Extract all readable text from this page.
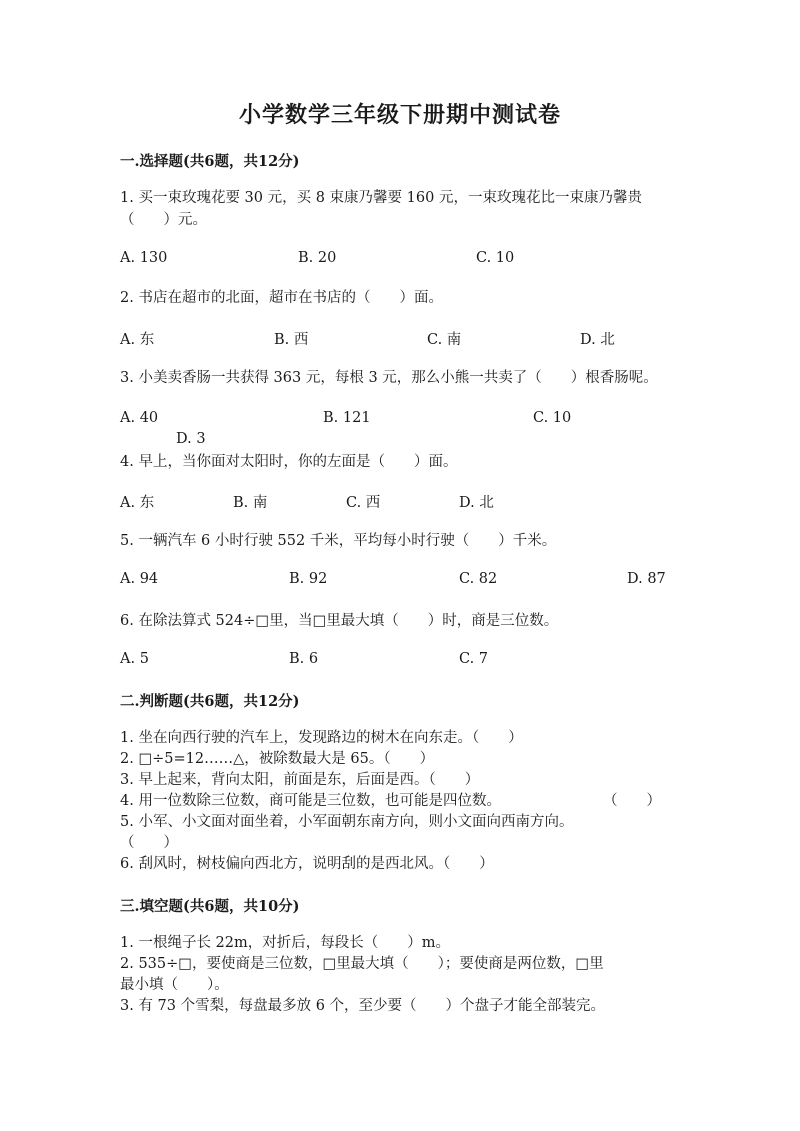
小学数学三年级下册期中测试卷
一.选择题(共6题，共12分)
1. 买一束玫瑰花要 30 元，买 8 束康乃馨要 160 元，一束玫瑰花比一束康乃馨贵（　　）元。
A. 130	B. 20	C. 10
2. 书店在超市的北面，超市在书店的（　　）面。
A. 东	B. 西	C. 南	D. 北
3. 小美卖香肠一共获得 363 元，每根 3 元，那么小熊一共卖了（　　）根香肠呢。
A. 40	B. 121	C. 10
D. 3
4. 早上，当你面对太阳时，你的左面是（　　）面。
A. 东	B. 南	C. 西	D. 北
5. 一辆汽车 6 小时行驶 552 千米，平均每小时行驶（　　）千米。
A. 94	B. 92	C. 82	D. 87
6. 在除法算式 524÷□里，当□里最大填（　　）时，商是三位数。
A. 5	B. 6	C. 7
二.判断题(共6题，共12分)
1. 坐在向西行驶的汽车上，发现路边的树木在向东走。（　　）
2. □÷5=12……△，被除数最大是 65。（　　）
3. 早上起来，背向太阳，前面是东，后面是西。（　　）
4. 用一位数除三位数，商可能是三位数，也可能是四位数。	（　　）
5. 小军、小文面对面坐着，小军面朝东南方向，则小文面向西南方向。
（　　）
6. 刮风时，树枝偏向西北方，说明刮的是西北风。（　　）
三.填空题(共6题，共10分)
1. 一根绳子长 22m，对折后，每段长（　　）m。
2. 535÷□，要使商是三位数，□里最大填（　　）；要使商是两位数，□里
最小填（　　）。
3. 有 73 个雪梨，每盘最多放 6 个，至少要（　　）个盘子才能全部装完。
